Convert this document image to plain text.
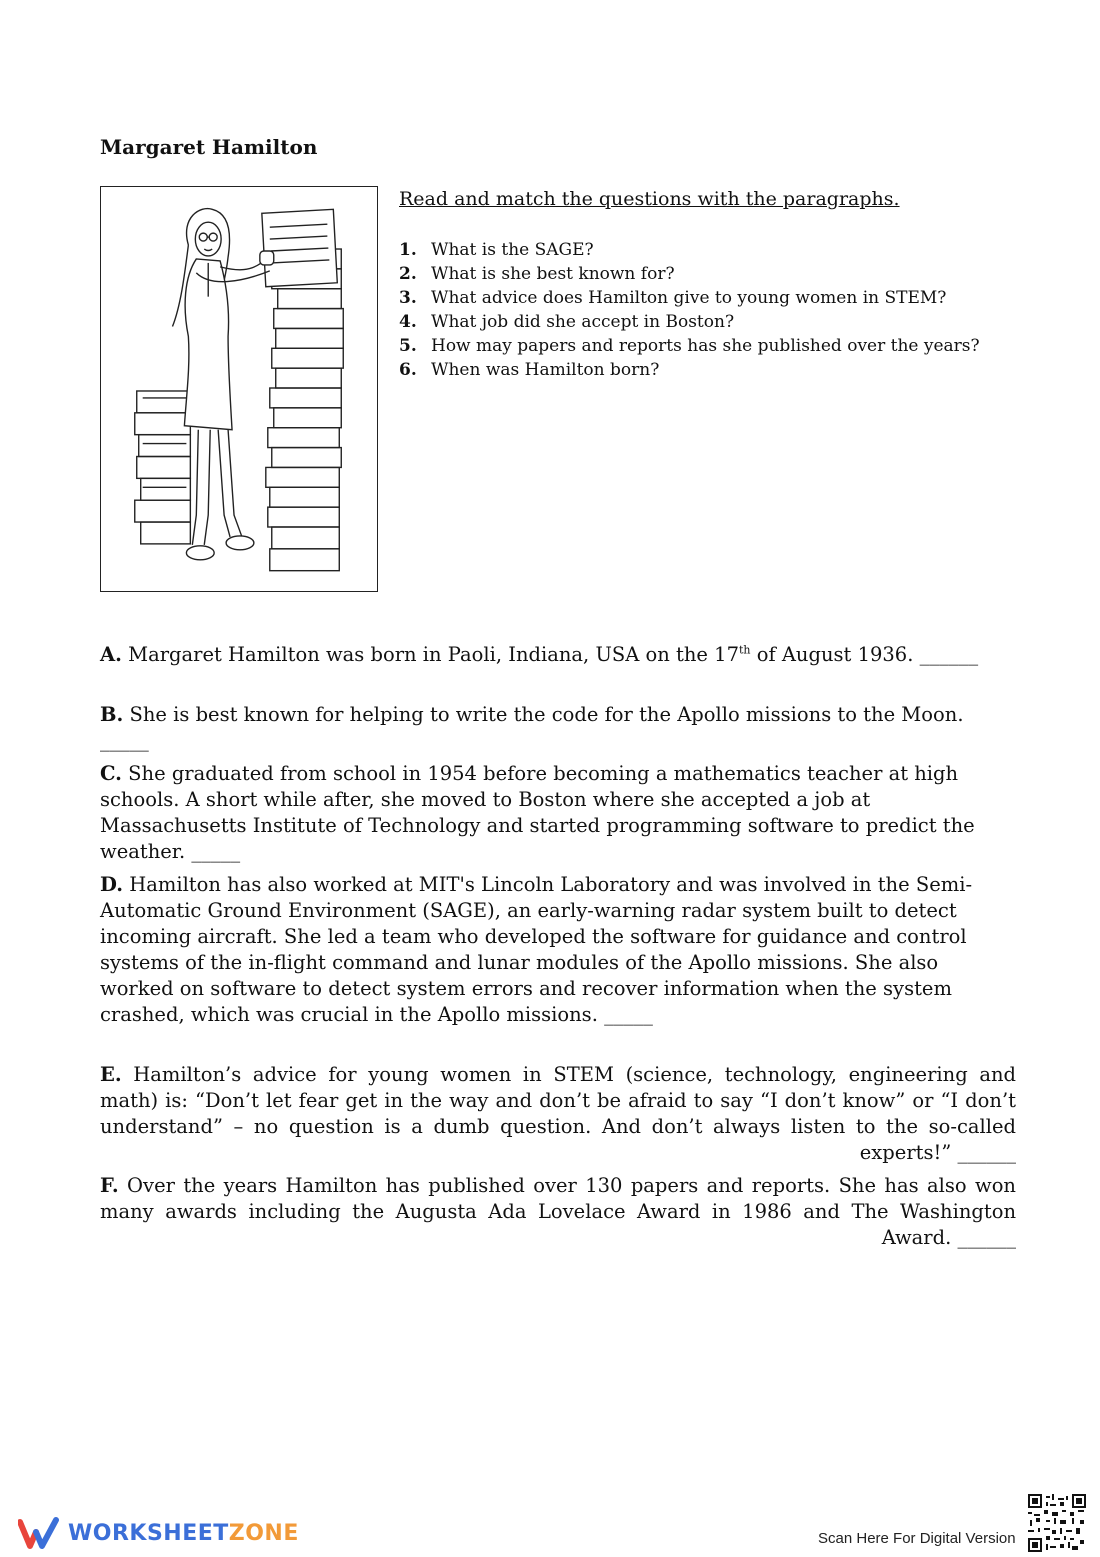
Margaret Hamilton
Read and match the questions with the paragraphs.
1. What is the SAGE?
2. What is she best known for?
3. What advice does Hamilton give to young women in STEM?
4. What job did she accept in Boston?
5. How may papers and reports has she published over the years?
6. When was Hamilton born?

A. Margaret Hamilton was born in Paoli, Indiana, USA on the 17th of August 1936. ______

B. She is best known for helping to write the code for the Apollo missions to the Moon. _____

C. She graduated from school in 1954 before becoming a mathematics teacher at high schools. A short while after, she moved to Boston where she accepted a job at Massachusetts Institute of Technology and started programming software to predict the weather. _____

D. Hamilton has also worked at MIT's Lincoln Laboratory and was involved in the Semi-Automatic Ground Environment (SAGE), an early-warning radar system built to detect incoming aircraft. She led a team who developed the software for guidance and control systems of the in-flight command and lunar modules of the Apollo missions. She also worked on software to detect system errors and recover information when the system crashed, which was crucial in the Apollo missions. _____

E. Hamilton’s advice for young women in STEM (science, technology, engineering and math) is: “Don’t let fear get in the way and don’t be afraid to say “I don’t know” or “I don’t understand” – no question is a dumb question. And don’t always listen to the so-called experts!” ______

F. Over the years Hamilton has published over 130 papers and reports. She has also won many awards including the Augusta Ada Lovelace Award in 1986 and The Washington Award. ______

WORKSHEETZONE	Scan Here For Digital Version
